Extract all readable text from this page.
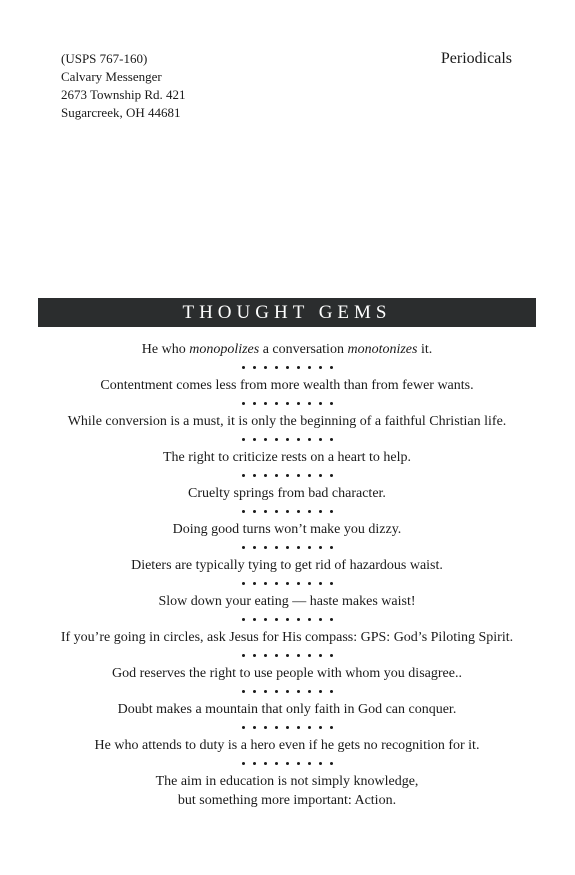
(USPS 767-160)
Calvary Messenger
2673 Township Rd. 421
Sugarcreek, OH 44681
Periodicals
THOUGHT GEMS
He who monopolizes a conversation monotonizes it.
Contentment comes less from more wealth than from fewer wants.
While conversion is a must, it is only the beginning of a faithful Christian life.
The right to criticize rests on a heart to help.
Cruelty springs from bad character.
Doing good turns won’t make you dizzy.
Dieters are typically tying to get rid of hazardous waist.
Slow down your eating — haste makes waist!
If you’re going in circles, ask Jesus for His compass: GPS: God’s Piloting Spirit.
God reserves the right to use people with whom you disagree..
Doubt makes a mountain that only faith in God can conquer.
He who attends to duty is a hero even if he gets no recognition for it.
The aim in education is not simply knowledge,
but something more important: Action.
